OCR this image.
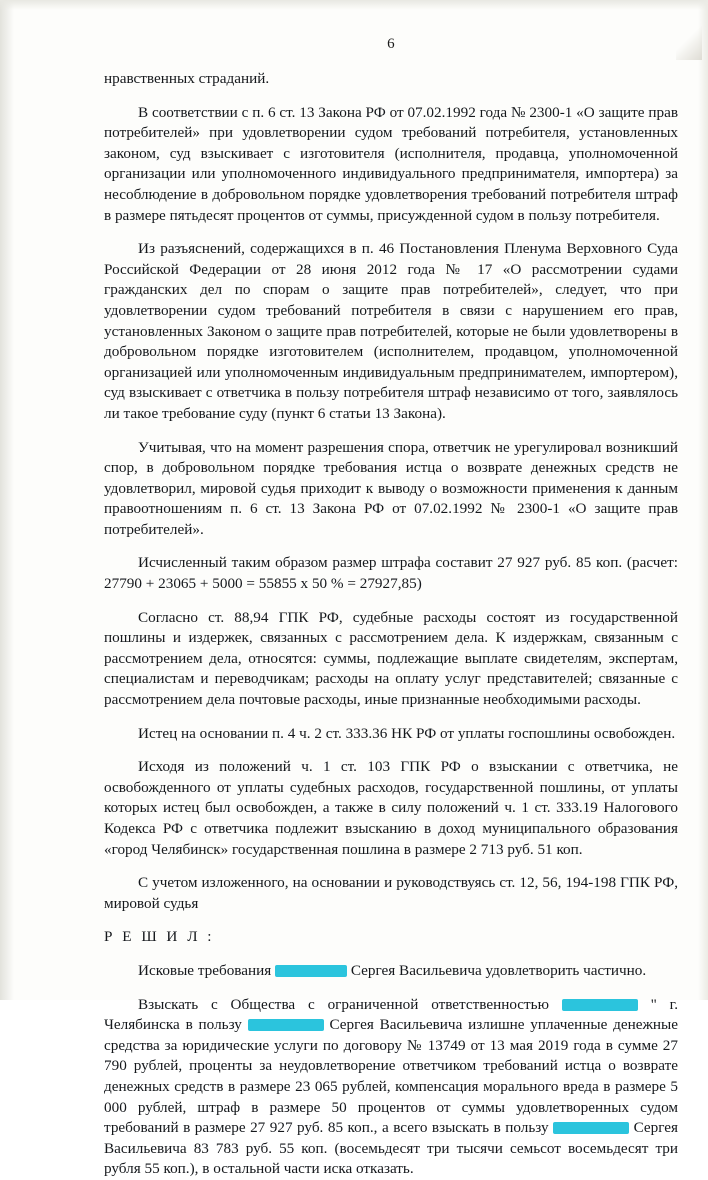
6

нравственных страданий.

В соответствии с п. 6 ст. 13 Закона РФ от 07.02.1992 года № 2300-1 «О защите прав потребителей» при удовлетворении судом требований потребителя, установленных законом, суд взыскивает с изготовителя (исполнителя, продавца, уполномоченной организации или уполномоченного индивидуального предпринимателя, импортера) за несоблюдение в добровольном порядке удовлетворения требований потребителя штраф в размере пятьдесят процентов от суммы, присужденной судом в пользу потребителя.

Из разъяснений, содержащихся в п. 46 Постановления Пленума Верховного Суда Российской Федерации от 28 июня 2012 года № 17 «О рассмотрении судами гражданских дел по спорам о защите прав потребителей», следует, что при удовлетворении судом требований потребителя в связи с нарушением его прав, установленных Законом о защите прав потребителей, которые не были удовлетворены в добровольном порядке изготовителем (исполнителем, продавцом, уполномоченной организацией или уполномоченным индивидуальным предпринимателем, импортером), суд взыскивает с ответчика в пользу потребителя штраф независимо от того, заявлялось ли такое требование суду (пункт 6 статьи 13 Закона).

Учитывая, что на момент разрешения спора, ответчик не урегулировал возникший спор, в добровольном порядке требования истца о возврате денежных средств не удовлетворил, мировой судья приходит к выводу о возможности применения к данным правоотношениям п. 6 ст. 13 Закона РФ от 07.02.1992 № 2300-1 «О защите прав потребителей».

Исчисленный таким образом размер штрафа составит 27 927 руб. 85 коп. (расчет: 27790 + 23065 + 5000 = 55855 х 50 % = 27927,85)

Согласно ст. 88,94 ГПК РФ, судебные расходы состоят из государственной пошлины и издержек, связанных с рассмотрением дела. К издержкам, связанным с рассмотрением дела, относятся: суммы, подлежащие выплате свидетелям, экспертам, специалистам и переводчикам; расходы на оплату услуг представителей; связанные с рассмотрением дела почтовые расходы, иные признанные необходимыми расходы.

Истец на основании п. 4 ч. 2 ст. 333.36 НК РФ от уплаты госпошлины освобожден.

Исходя из положений ч. 1 ст. 103 ГПК РФ о взыскании с ответчика, не освобожденного от уплаты судебных расходов, государственной пошлины, от уплаты которых истец был освобожден, а также в силу положений ч. 1 ст. 333.19 Налогового Кодекса РФ с ответчика подлежит взысканию в доход муниципального образования «город Челябинск» государственная пошлина в размере 2 713 руб. 51 коп.

С учетом изложенного, на основании и руководствуясь ст. 12, 56, 194-198 ГПК РФ, мировой судья

Р Е Ш И Л :

Исковые требования	Сергея Васильевича удовлетворить частично.

Взыскать с Общества с ограниченной ответственностью	" г. Челябинска в пользу	Сергея Васильевича излишне уплаченные денежные средства за юридические услуги по договору № 13749 от 13 мая 2019 года в сумме 27 790 рублей, проценты за неудовлетворение ответчиком требований истца о возврате денежных средств в размере 23 065 рублей, компенсация морального вреда в размере 5 000 рублей, штраф в размере 50 процентов от суммы удовлетворенных судом требований в размере 27 927 руб. 85 коп., а всего взыскать в пользу	Сергея Васильевича 83 783 руб. 55 коп. (восемьдесят три тысячи семьсот восемьдесят три рубля 55 коп.), в остальной части иска отказать.
